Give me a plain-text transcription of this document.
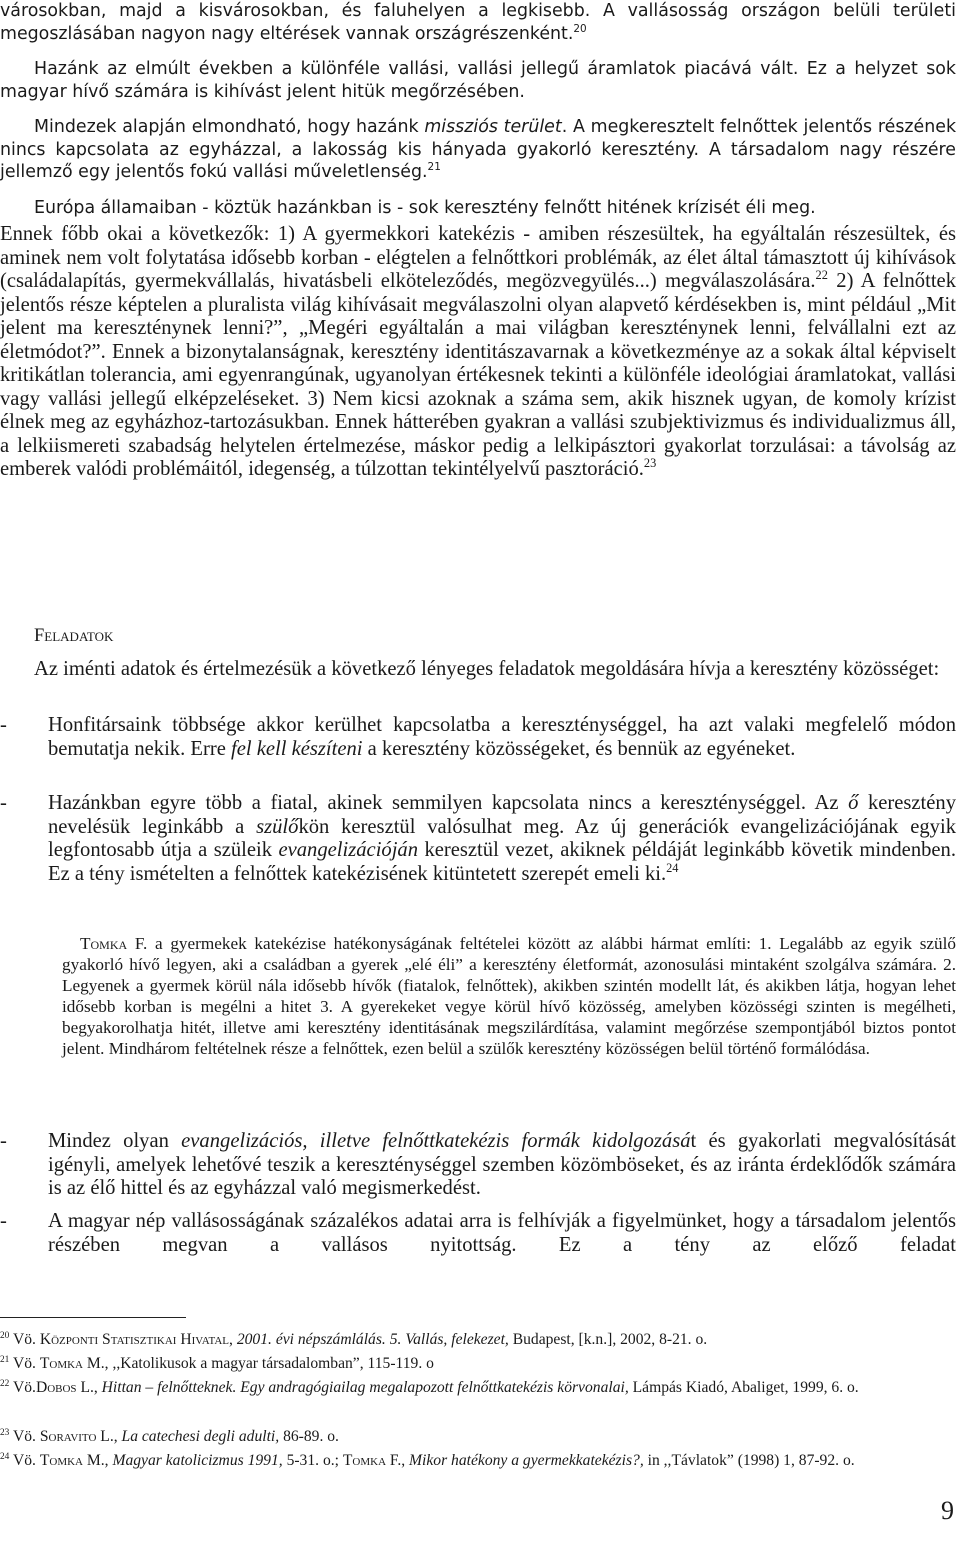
városokban, majd a kisvárosokban, és faluhelyen a legkisebb. A vallásosság országon belüli területi
megoszlásában nagyon nagy eltérések vannak országrészenként.$^{20}$
Hazánk az elmúlt években a különféle vallási, vallási jellegű áramlatok piacává vált. Ez a helyzet sok magyar hívő számára is kihívást jelent hitük megőrzésében.
Mindezek alapján elmondható, hogy hazánk missziós terület. A megkeresztelt felnőttek jelentős részének nincs kapcsolata az egyházzal, a lakosság kis hányada gyakorló keresztény. A társadalom nagy részére jellemző egy jelentős fokú vallási műveletlenség.$^{21}$
Európa államaiban - köztük hazánkban is - sok keresztény felnőtt hitének krízisét éli meg.
Ennek főbb okai a következők: 1) A gyermekkori katekézis - amiben részesültek, ha egyáltalán részesültek, és aminek nem volt folytatása idősebb korban - elégtelen a felnőttkori problémák, az élet által támasztott új kihívások (családalapítás, gyermekvállalás, hivatásbeli elköteleződés, megözvegyülés...) megválaszolására.$^{22}$ 2) A felnőttek jelentős része képtelen a pluralista világ kihívásait megválaszolni olyan alapvető kérdésekben is, mint például „Mit jelent ma kereszténynek lenni?”, „Megéri egyáltalán a mai világban kereszténynek lenni, felvállalni ezt az életmódot?”. Ennek a bizonytalanságnak, keresztény identitászavarnak a következménye az a sokak által képviselt kritikátlan tolerancia, ami egyenrangúnak, ugyanolyan értékesnek tekinti a különféle ideológiai áramlatokat, vallási vagy vallási jellegű elképzeléseket. 3) Nem kicsi azoknak a száma sem, akik hisznek ugyan, de komoly krízist élnek meg az egyházhoz-tartozásukban. Ennek hátterében gyakran a vallási szubjektivizmus és individualizmus áll, a lelkiismereti szabadság helytelen értelmezése, máskor pedig a lelkipásztori gyakorlat torzulásai: a távolság az emberek valódi problémáitól, idegenség, a túlzottan tekintélyelvű pasztoráció.$^{23}$
Feladatok
Az iménti adatok és értelmezésük a következő lényeges feladatok megoldására hívja a keresztény közösséget:
- Honfitársaink többsége akkor kerülhet kapcsolatba a kereszténységgel, ha azt valaki megfelelő módon bemutatja nekik. Erre fel kell készíteni a keresztény közösségeket, és bennük az egyéneket.
- Hazánkban egyre több a fiatal, akinek semmilyen kapcsolata nincs a kereszténységgel. Az ő keresztény nevelésük leginkább a szülőkön keresztül valósulhat meg. Az új generációk evangelizációjának egyik legfontosabb útja a szüleik evangelizációján keresztül vezet, akiknek példáját leginkább követik mindenben. Ez a tény ismételten a felnőttek katekézisének kitüntetett szerepét emeli ki.$^{24}$
Tomka F. a gyermekek katekézise hatékonyságának feltételei között az alábbi hármat említi: 1. Legalább az egyik szülő gyakorló hívő legyen, aki a családban a gyerek „elé éli” a keresztény életformát, azonosulási mintaként szolgálva számára. 2. Legyenek a gyermek körül nála idősebb hívők (fiatalok, felnőttek), akikben szintén modellt lát, és akikben látja, hogyan lehet idősebb korban is megélni a hitet 3. A gyerekeket vegye körül hívő közösség, amelyben közösségi szinten is megélheti, begyakorolhatja hitét, illetve ami keresztény identitásának megszilárdítása, valamint megőrzése szempontjából biztos pontot jelent. Mindhárom feltételnek része a felnőttek, ezen belül a szülők keresztény közösségen belül történő formálódása.
- Mindez olyan evangelizációs, illetve felnőttkatekézis formák kidolgozását és gyakorlati megvalósítását igényli, amelyek lehetővé teszik a kereszténységgel szemben közömböseket, és az iránta érdeklődők számára is az élő hittel és az egyházzal való megismerkedést.
- A magyar nép vallásosságának százalékos adatai arra is felhívják a figyelmünket, hogy a társadalom jelentős részében megvan a vallásos nyitottság. Ez a tény az előző feladat
$^{20}$ Vö. Központi Statisztikai Hivatal, 2001. évi népszámlálás. 5. Vallás, felekezet, Budapest, [k.n.], 2002, 8-21. o.
$^{21}$ Vö. Tomka M., ,,Katolikusok a magyar társadalomban”, 115-119. o
$^{22}$ Vö.Dobos L., Hittan – felnőtteknek. Egy andragógiailag megalapozott felnőttkatekézis körvonalai, Lámpás Kiadó, Abaliget, 1999, 6. o.
$^{23}$ Vö. Soravito L., La catechesi degli adulti, 86-89. o.
$^{24}$ Vö. Tomka M., Magyar katolicizmus 1991, 5-31. o.; Tomka F., Mikor hatékony a gyermekkatekézis?, in ,,Távlatok” (1998) 1, 87-92. o.
9
